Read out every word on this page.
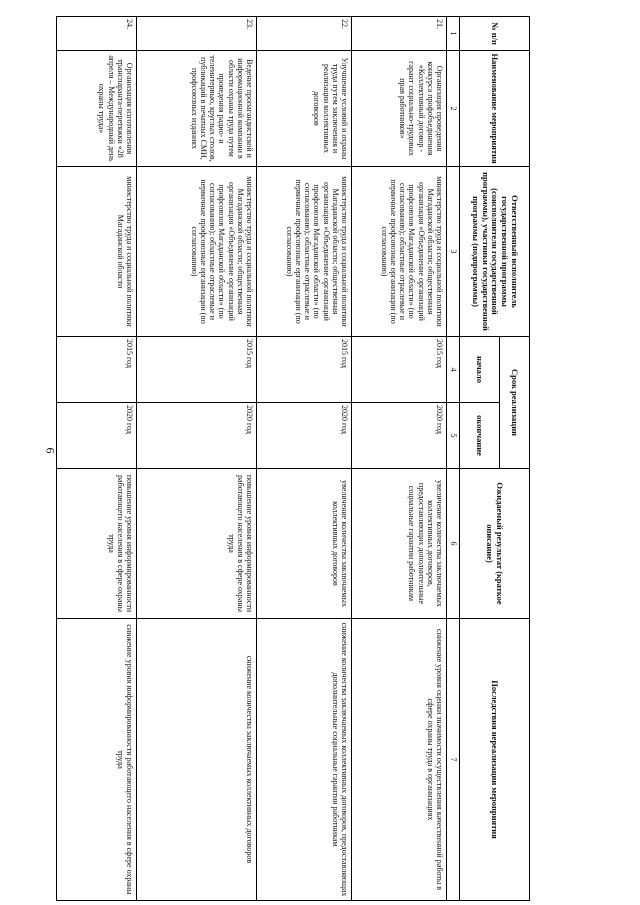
6
№ п/п	Наименование мероприятия	Ответственный исполнитель государственной программы (соисполнители государственной программы), участники государственной программы (подпрограммы)	Срок реализации		Ожидаемый результат (краткое описание)	Последствия нереализации мероприятия
			начало	окончание		
1	2	3	4	5	6	7
21.	Организация проведения конкурса профобъединения «Коллективный договор - гарант социально-трудовых прав работников»	министерство труда и социальной политики Магаданской области; общественная организация «Объединение организаций профсоюзов Магаданской области» (по согласованию); областные отраслевые и первичные профсоюзные организации (по согласованию)	2015 год	2020 год	увеличение количества заключаемых коллективных договоров, предоставляющих дополнительные социальные гарантии работникам	снижение уровня оценки значимости осуществления качественной работы в сфере охраны труда в организациях
22.	Улучшение условий и охраны труда путем заключения и реализации коллективных договоров	министерство труда и социальной политики Магаданской области; общественная организация «Объединение организаций профсоюзов Магаданской области» (по согласованию); областные отраслевые и первичные профсоюзные организации (по согласованию)	2015 год	2020 год	увеличение количества заключаемых коллективных договоров	снижение количества заключаемых коллективных договоров, предоставляющих дополнительные социальные гарантии работникам
23.	Ведение пропагандистской и информационной компании в области охраны труда путем проведения радио- и телеинтервью, круглых столов, публикаций в печатных СМИ, профсоюзных изданиях	министерство труда и социальной политики Магаданской области; общественная организация «Объединение организаций профсоюзов Магаданской области» (по согласованию); областные отраслевые и первичные профсоюзные организации (по согласованию)	2015 год	2020 год	повышение уровня информированности работающего населения в сфере охраны труда	снижение количества заключаемых коллективных договоров
24.	Организация изготовления транспаранта-перетяжки «28 апреля – Международный день охраны труда»	министерство труда и социальной политики Магаданской области	2015 год	2020 год	повышение уровня информированности работающего населения в сфере охраны труда	снижение уровня информированности работающего населения в сфере охраны труда
